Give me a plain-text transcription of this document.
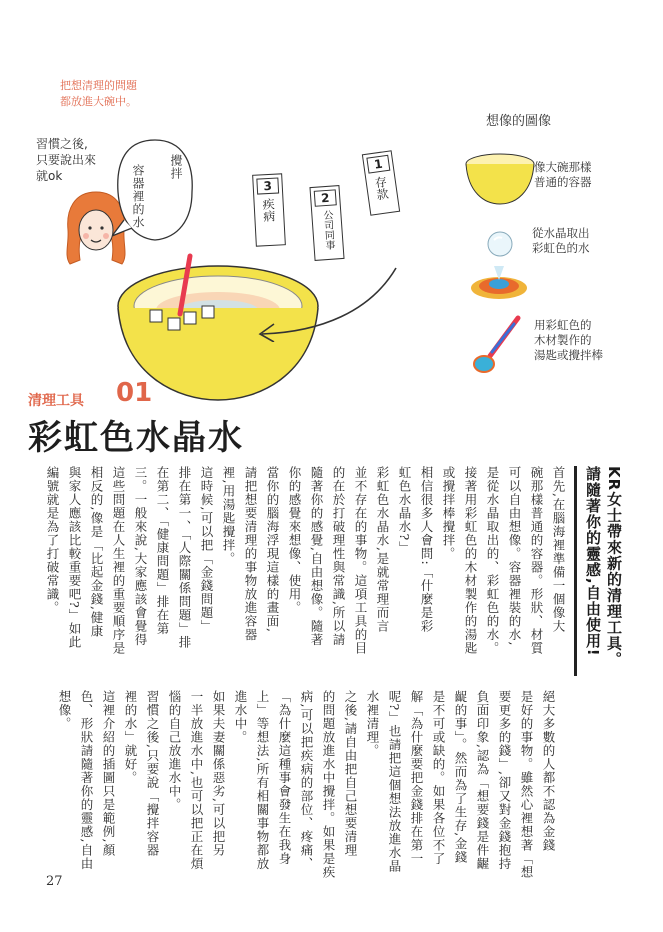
把想清理的問題
都放進大碗中。
習慣之後,
只要說出來
就ok	攪拌
容器裡的水	1
存款
2
公司同事
3
疾病
想像的圖像
像大碗那樣
普通的容器
從水晶取出
彩虹色的水
用彩虹色的
木材製作的
湯匙或攪拌棒
清理工具 01
彩虹色水晶水
KR女士帶來新的清理工具。
請隨著你的靈感,自由使用!
首先,在腦海裡準備一個像大
碗那樣普通的容器。形狀、材質
可以自由想像。容器裡裝的水,
是從水晶取出的、彩虹色的水。
接著用彩虹色的木材製作的湯匙
或攪拌棒攪拌。
相信很多人會問:「什麼是彩
虹色水晶水?」
彩虹色水晶水,是就常理而言
並不存在的事物。這項工具的目
的在於打破理性與常識,所以請
隨著你的感覺,自由想像。隨著
你的感覺來想像、使用。
當你的腦海浮現這樣的畫面,
請把想要清理的事物放進容器
裡,用湯匙攪拌。
這時候,可以把「金錢問題」
排在第一、「人際關係問題」排
在第二、「健康問題」排在第
三。一般來說,大家應該會覺得
這些問題在人生裡的重要順序是
相反的,像是「比起金錢,健康
與家人應該比較重要吧?」如此
編號就是為了打破常識。
絕大多數的人都不認為金錢
是好的事物。雖然心裡想著「想
要更多的錢」,卻又對金錢抱持
負面印象,認為「想要錢是件齷
齪的事」。然而為了生存,金錢
是不可或缺的。如果各位不了
解「為什麼要把金錢排在第一
呢?」也請把這個想法放進水晶
水裡清理。
之後,請自由把自己想要清理
的問題放進水中攪拌。如果是疾
病,可以把疾病的部位、疼痛、
「為什麼這種事會發生在我身
上」等想法,所有相關事物都放
進水中。
如果夫妻關係惡劣,可以把另
一半放進水中,也可以把正在煩
惱的自己放進水中。
習慣之後,只要說「攪拌容器
裡的水」就好。
這裡介紹的插圖只是範例,顏
色、形狀請隨著你的靈感,自由
想像。
27
